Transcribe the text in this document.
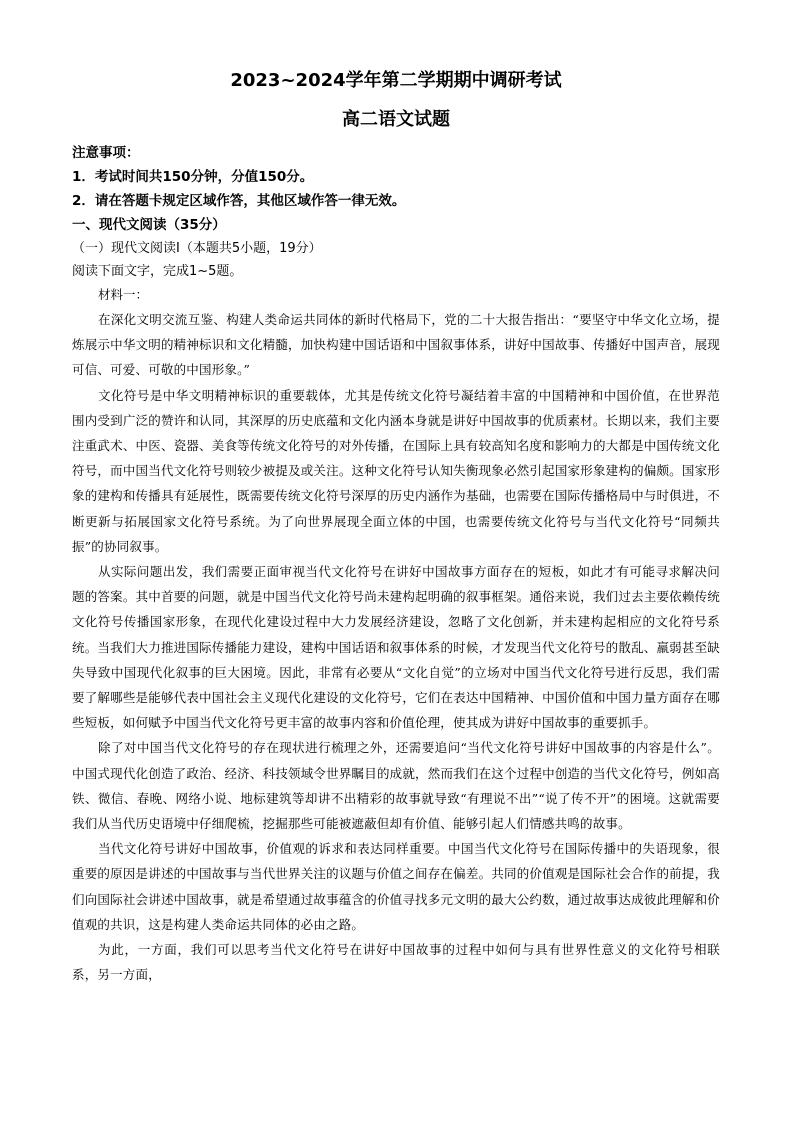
2023~2024学年第二学期期中调研考试
高二语文试题
注意事项：
1．考试时间共150分钟，分值150分。
2．请在答题卡规定区域作答，其他区域作答一律无效。
一、现代文阅读（35分）
（一）现代文阅读Ⅰ（本题共5小题，19分）
阅读下面文字，完成1~5题。
材料一：

在深化文明交流互鉴、构建人类命运共同体的新时代格局下，党的二十大报告指出：“要坚守中华文化立场，提炼展示中华文明的精神标识和文化精髓，加快构建中国话语和中国叙事体系，讲好中国故事、传播好中国声音，展现可信、可爱、可敬的中国形象。”

文化符号是中华文明精神标识的重要载体，尤其是传统文化符号凝结着丰富的中国精神和中国价值，在世界范围内受到广泛的赞许和认同，其深厚的历史底蕴和文化内涵本身就是讲好中国故事的优质素材。长期以来，我们主要注重武术、中医、瓷器、美食等传统文化符号的对外传播，在国际上具有较高知名度和影响力的大都是中国传统文化符号，而中国当代文化符号则较少被提及或关注。这种文化符号认知失衡现象必然引起国家形象建构的偏颇。国家形象的建构和传播具有延展性，既需要传统文化符号深厚的历史内涵作为基础，也需要在国际传播格局中与时俱进，不断更新与拓展国家文化符号系统。为了向世界展现全面立体的中国，也需要传统文化符号与当代文化符号“同频共振”的协同叙事。

从实际问题出发，我们需要正面审视当代文化符号在讲好中国故事方面存在的短板，如此才有可能寻求解决问题的答案。其中首要的问题，就是中国当代文化符号尚未建构起明确的叙事框架。通俗来说，我们过去主要依赖传统文化符号传播国家形象，在现代化建设过程中大力发展经济建设，忽略了文化创新，并未建构起相应的文化符号系统。当我们大力推进国际传播能力建设，建构中国话语和叙事体系的时候，才发现当代文化符号的散乱、羸弱甚至缺失导致中国现代化叙事的巨大困境。因此，非常有必要从“文化自觉”的立场对中国当代文化符号进行反思，我们需要了解哪些是能够代表中国社会主义现代化建设的文化符号，它们在表达中国精神、中国价值和中国力量方面存在哪些短板，如何赋予中国当代文化符号更丰富的故事内容和价值伦理，使其成为讲好中国故事的重要抓手。

除了对中国当代文化符号的存在现状进行梳理之外，还需要追问“当代文化符号讲好中国故事的内容是什么”。中国式现代化创造了政治、经济、科技领域令世界瞩目的成就，然而我们在这个过程中创造的当代文化符号，例如高铁、微信、春晚、网络小说、地标建筑等却讲不出精彩的故事就导致“有理说不出”“说了传不开”的困境。这就需要我们从当代历史语境中仔细爬梳，挖掘那些可能被遮蔽但却有价值、能够引起人们情感共鸣的故事。

当代文化符号讲好中国故事，价值观的诉求和表达同样重要。中国当代文化符号在国际传播中的失语现象，很重要的原因是讲述的中国故事与当代世界关注的议题与价值之间存在偏差。共同的价值观是国际社会合作的前提，我们向国际社会讲述中国故事，就是希望通过故事蕴含的价值寻找多元文明的最大公约数，通过故事达成彼此理解和价值观的共识，这是构建人类命运共同体的必由之路。

为此，一方面，我们可以思考当代文化符号在讲好中国故事的过程中如何与具有世界性意义的文化符号相联系，另一方面，
